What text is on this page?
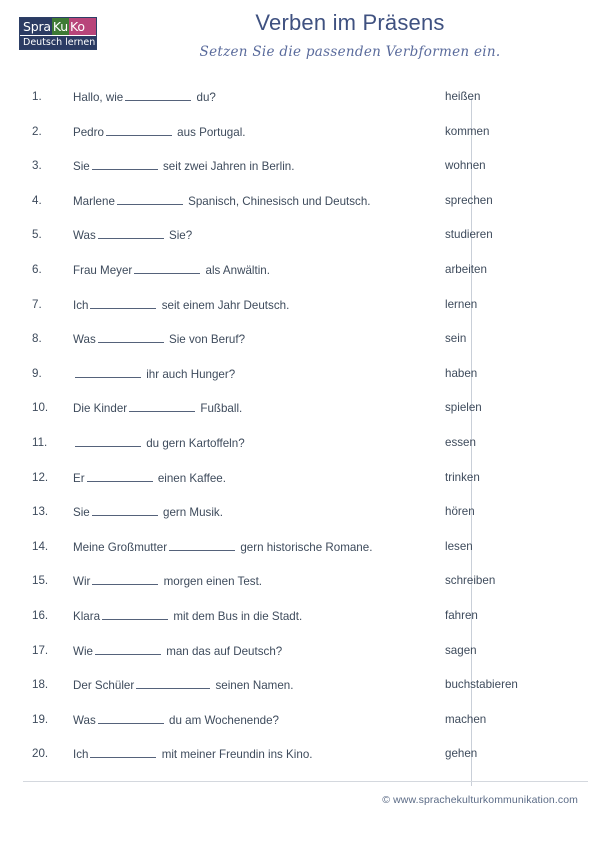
Spra Ku Ko
Deutsch lernen
Verben im Präsens

Setzen Sie die passenden Verbformen ein.

1.	Hallo, wie	du?	heißen
2.	Pedro	aus Portugal.	kommen
3.	Sie	seit zwei Jahren in Berlin.	wohnen
4.	Marlene	Spanisch, Chinesisch und Deutsch.	sprechen
5.	Was	Sie?	studieren
6.	Frau Meyer	als Anwältin.	arbeiten
7.	Ich	seit einem Jahr Deutsch.	lernen
8.	Was	Sie von Beruf?	sein
9.	ihr auch Hunger?	haben
10.	Die Kinder	Fußball.	spielen
11.	du gern Kartoffeln?	essen
12.	Er	einen Kaffee.	trinken
13.	Sie	gern Musik.	hören
14.	Meine Großmutter	gern historische Romane.	lesen
15.	Wir	morgen einen Test.	schreiben
16.	Klara	mit dem Bus in die Stadt.	fahren
17.	Wie	man das auf Deutsch?	sagen
18.	Der Schüler	seinen Namen.	buchstabieren
19.	Was	du am Wochenende?	machen
20.	Ich	mit meiner Freundin ins Kino.	gehen
© www.sprachekulturkommunikation.com
